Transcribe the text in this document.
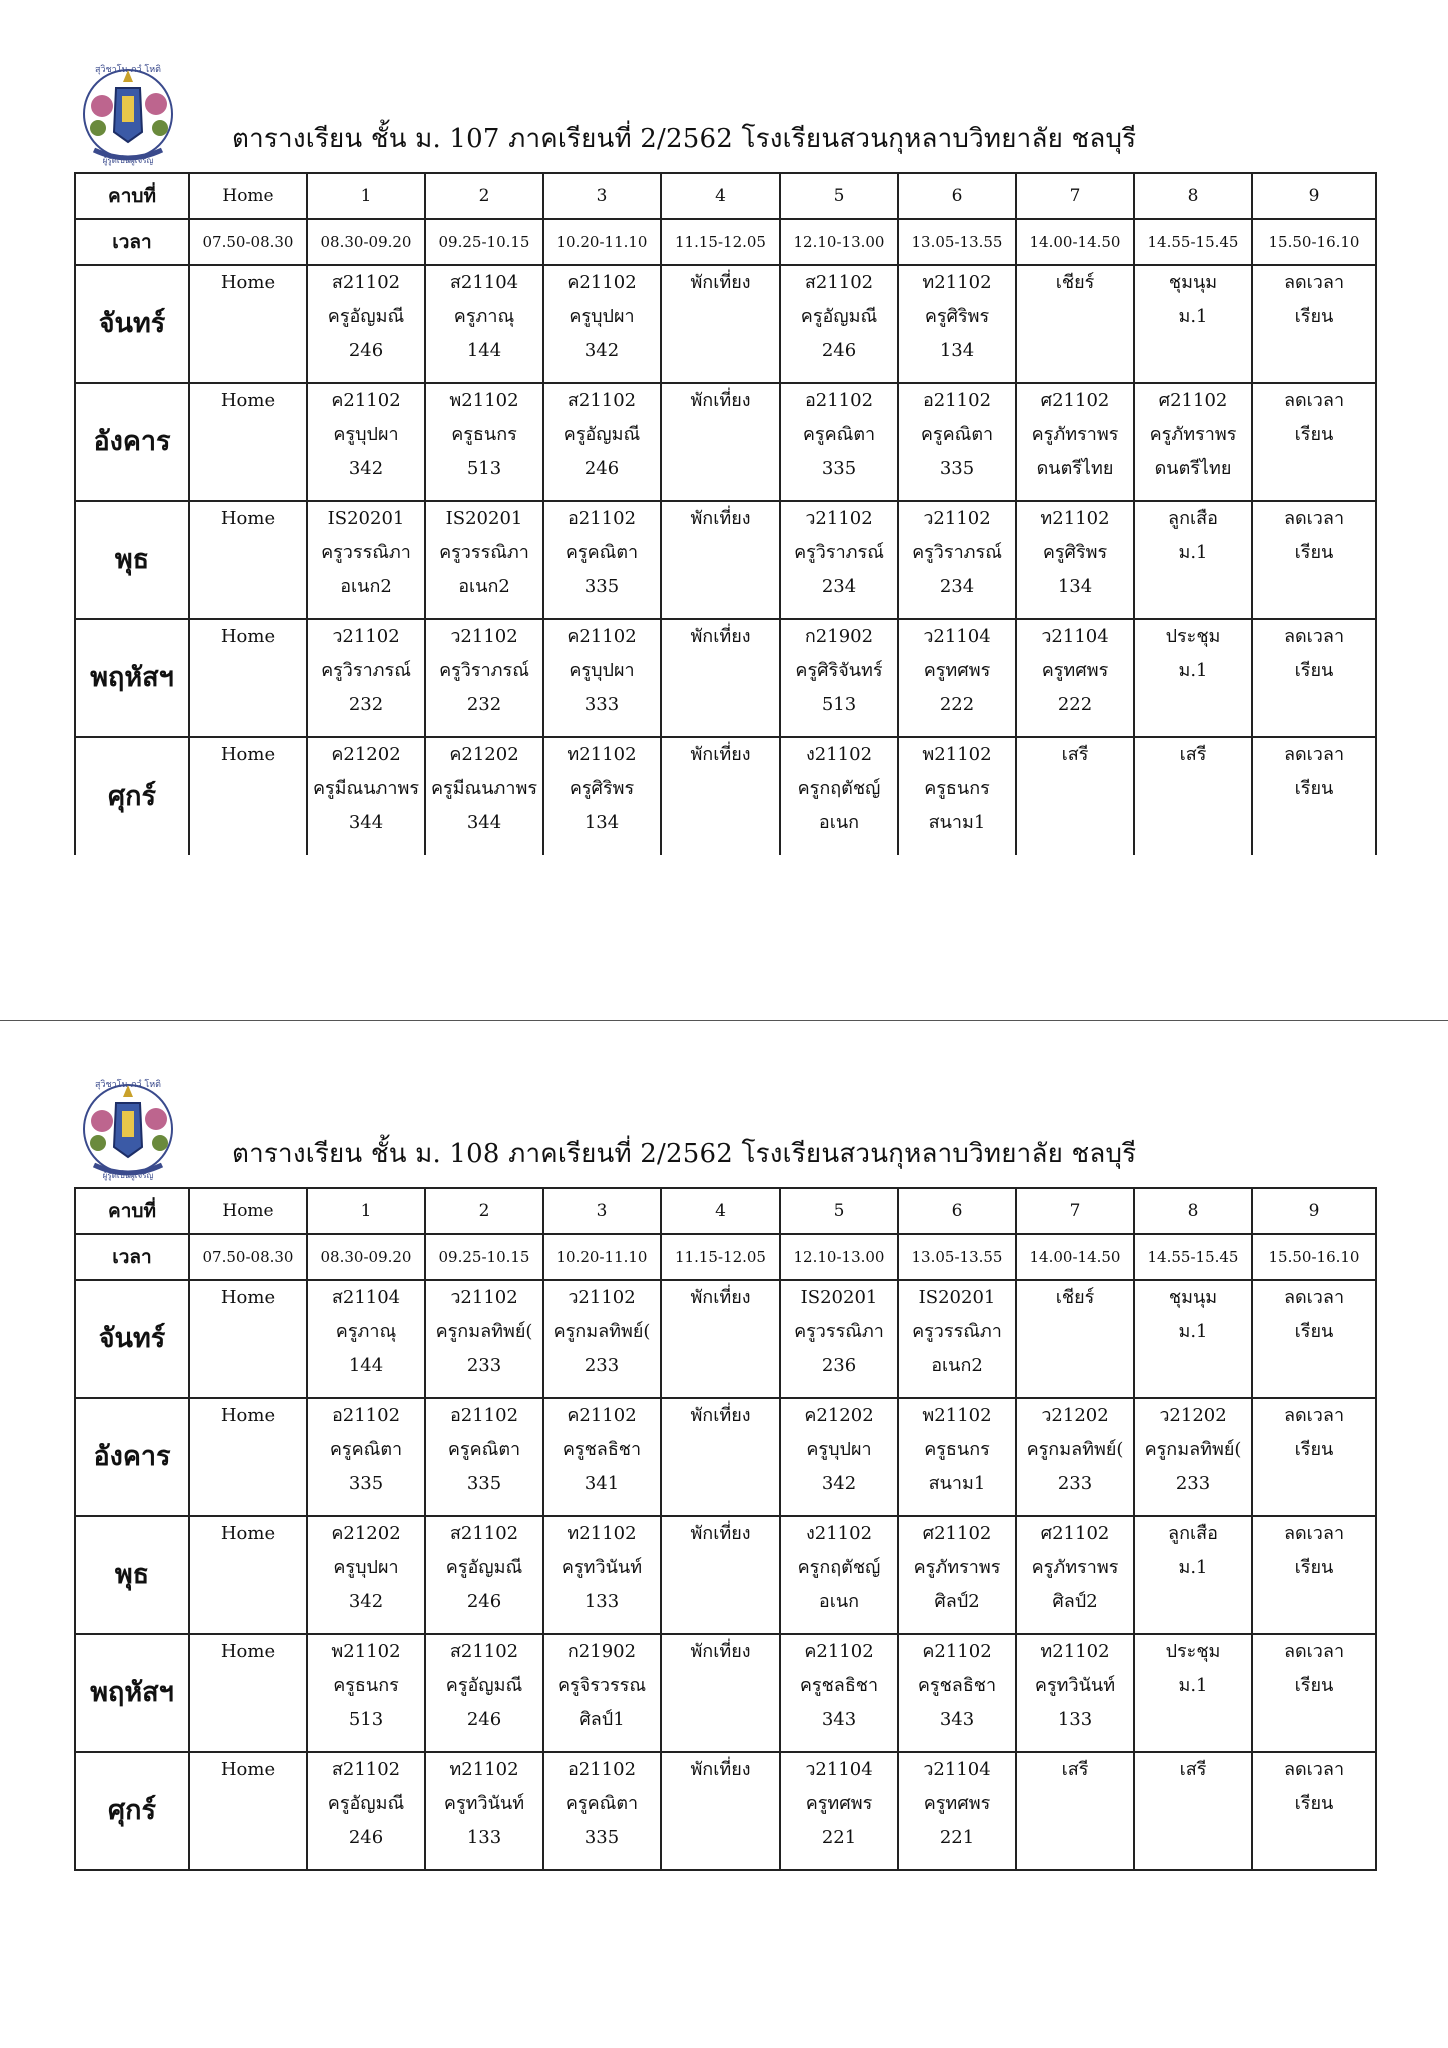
สุวิชาโน ภวํ โหติ
ผู้รู้ดีเป็นผู้เจริญ
ตารางเรียน ชั้น ม. 107 ภาคเรียนที่ 2/2562 โรงเรียนสวนกุหลาบวิทยาลัย ชลบุรี
คาบที่	Home	1	2	3	4	5	6	7	8	9
เวลา	07.50-08.30	08.30-09.20	09.25-10.15	10.20-11.10	11.15-12.05	12.10-13.00	13.05-13.55	14.00-14.50	14.55-15.45	15.50-16.10
จันทร์	Home	ส21102
ครูอัญมณี
246	ส21104
ครูภาณุ
144	ค21102
ครูบุปผา
342	พักเที่ยง	ส21102
ครูอัญมณี
246	ท21102
ครูศิริพร
134	เชียร์	ชุมนุม
ม.1	ลดเวลา
เรียน

อังคาร	Home	ค21102
ครูบุปผา
342	พ21102
ครูธนกร
513	ส21102
ครูอัญมณี
246	พักเที่ยง	อ21102
ครูคณิตา
335	อ21102
ครูคณิตา
335	ศ21102
ครูภัทราพร
ดนตรีไทย	ศ21102
ครูภัทราพร
ดนตรีไทย	ลดเวลา
เรียน

พุธ	Home	IS20201
ครูวรรณิภา
อเนก2	IS20201
ครูวรรณิภา
อเนก2	อ21102
ครูคณิตา
335	พักเที่ยง	ว21102
ครูวิราภรณ์
234	ว21102
ครูวิราภรณ์
234	ท21102
ครูศิริพร
134	ลูกเสือ
ม.1	ลดเวลา
เรียน

พฤหัสฯ	Home	ว21102
ครูวิราภรณ์
232	ว21102
ครูวิราภรณ์
232	ค21102
ครูบุปผา
333	พักเที่ยง	ก21902
ครูศิริจันทร์
513	ว21104
ครูทศพร
222	ว21104
ครูทศพร
222	ประชุม
ม.1	ลดเวลา
เรียน

ศุกร์	Home	ค21202
ครูมีณนภาพร
344	ค21202
ครูมีณนภาพร
344	ท21102
ครูศิริพร
134	พักเที่ยง	ง21102
ครูกฤตัชญ์
อเนก	พ21102
ครูธนกร
สนาม1	เสรี	เสรี	ลดเวลา
เรียน
สุวิชาโน ภวํ โหติ
ผู้รู้ดีเป็นผู้เจริญ
ตารางเรียน ชั้น ม. 108 ภาคเรียนที่ 2/2562 โรงเรียนสวนกุหลาบวิทยาลัย ชลบุรี
คาบที่	Home	1	2	3	4	5	6	7	8	9
เวลา	07.50-08.30	08.30-09.20	09.25-10.15	10.20-11.10	11.15-12.05	12.10-13.00	13.05-13.55	14.00-14.50	14.55-15.45	15.50-16.10
จันทร์	Home	ส21104
ครูภาณุ
144	ว21102
ครูกมลทิพย์(
233	ว21102
ครูกมลทิพย์(
233	พักเที่ยง	IS20201
ครูวรรณิภา
236	IS20201
ครูวรรณิภา
อเนก2	เชียร์	ชุมนุม
ม.1	ลดเวลา
เรียน

อังคาร	Home	อ21102
ครูคณิตา
335	อ21102
ครูคณิตา
335	ค21102
ครูชลธิชา
341	พักเที่ยง	ค21202
ครูบุปผา
342	พ21102
ครูธนกร
สนาม1	ว21202
ครูกมลทิพย์(
233	ว21202
ครูกมลทิพย์(
233	ลดเวลา
เรียน

พุธ	Home	ค21202
ครูบุปผา
342	ส21102
ครูอัญมณี
246	ท21102
ครูทวินันท์
133	พักเที่ยง	ง21102
ครูกฤตัชญ์
อเนก	ศ21102
ครูภัทราพร
ศิลป์2	ศ21102
ครูภัทราพร
ศิลป์2	ลูกเสือ
ม.1	ลดเวลา
เรียน

พฤหัสฯ	Home	พ21102
ครูธนกร
513	ส21102
ครูอัญมณี
246	ก21902
ครูจิรวรรณ
ศิลป์1	พักเที่ยง	ค21102
ครูชลธิชา
343	ค21102
ครูชลธิชา
343	ท21102
ครูทวินันท์
133	ประชุม
ม.1	ลดเวลา
เรียน

ศุกร์	Home	ส21102
ครูอัญมณี
246	ท21102
ครูทวินันท์
133	อ21102
ครูคณิตา
335	พักเที่ยง	ว21104
ครูทศพร
221	ว21104
ครูทศพร
221	เสรี	เสรี	ลดเวลา
เรียน
